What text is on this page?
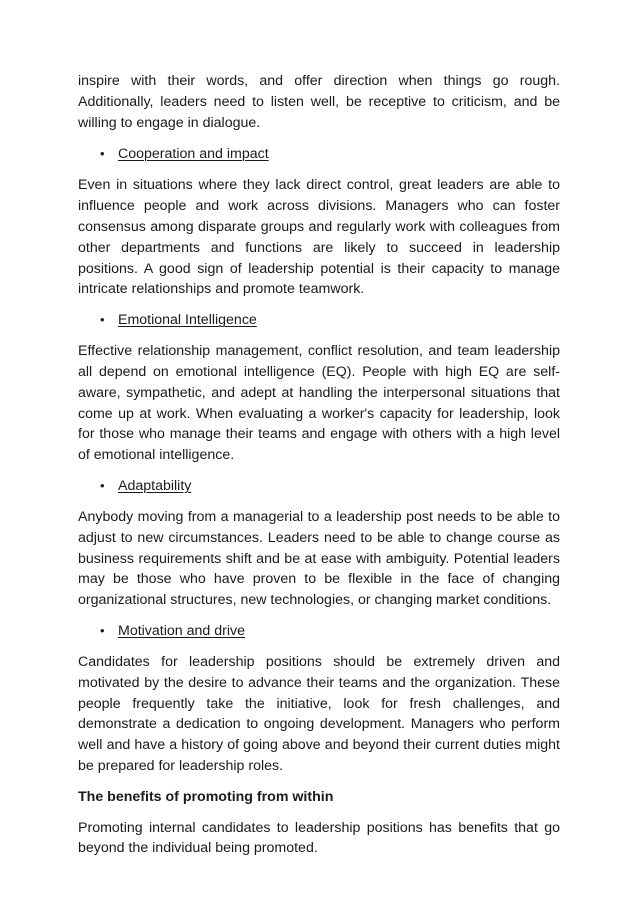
inspire with their words, and offer direction when things go rough. Additionally, leaders need to listen well, be receptive to criticism, and be willing to engage in dialogue.

• Cooperation and impact

Even in situations where they lack direct control, great leaders are able to influence people and work across divisions. Managers who can foster consensus among disparate groups and regularly work with colleagues from other departments and functions are likely to succeed in leadership positions. A good sign of leadership potential is their capacity to manage intricate relationships and promote teamwork.

• Emotional Intelligence

Effective relationship management, conflict resolution, and team leadership all depend on emotional intelligence (EQ). People with high EQ are self-aware, sympathetic, and adept at handling the interpersonal situations that come up at work. When evaluating a worker's capacity for leadership, look for those who manage their teams and engage with others with a high level of emotional intelligence.

• Adaptability

Anybody moving from a managerial to a leadership post needs to be able to adjust to new circumstances. Leaders need to be able to change course as business requirements shift and be at ease with ambiguity. Potential leaders may be those who have proven to be flexible in the face of changing organizational structures, new technologies, or changing market conditions.

• Motivation and drive

Candidates for leadership positions should be extremely driven and motivated by the desire to advance their teams and the organization. These people frequently take the initiative, look for fresh challenges, and demonstrate a dedication to ongoing development. Managers who perform well and have a history of going above and beyond their current duties might be prepared for leadership roles.

The benefits of promoting from within

Promoting internal candidates to leadership positions has benefits that go beyond the individual being promoted.
